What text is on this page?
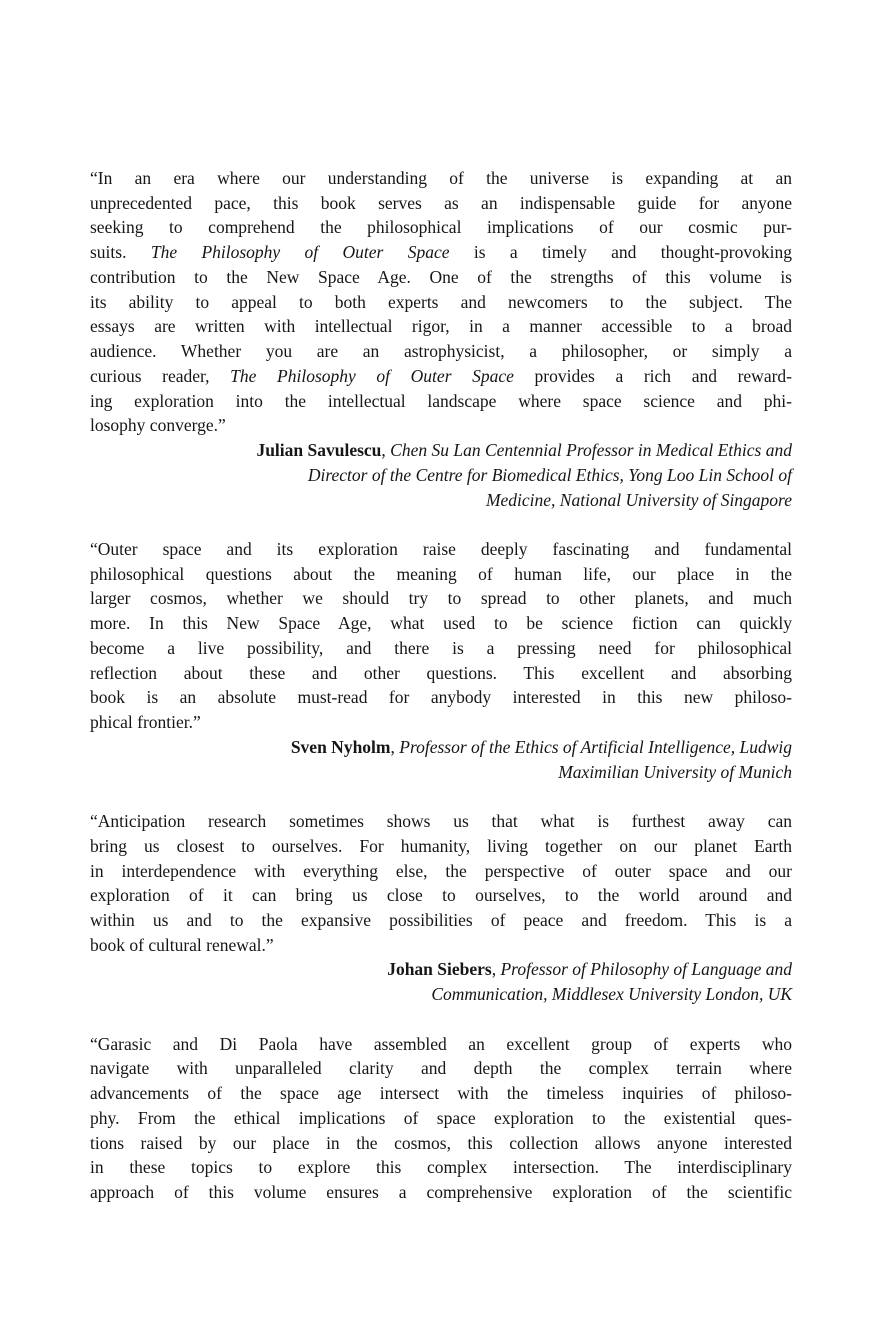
“In an era where our understanding of the universe is expanding at an
unprecedented pace, this book serves as an indispensable guide for anyone
seeking to comprehend the philosophical implications of our cosmic pur-
suits. The Philosophy of Outer Space is a timely and thought-provoking
contribution to the New Space Age. One of the strengths of this volume is
its ability to appeal to both experts and newcomers to the subject. The
essays are written with intellectual rigor, in a manner accessible to a broad
audience. Whether you are an astrophysicist, a philosopher, or simply a
curious reader, The Philosophy of Outer Space provides a rich and reward-
ing exploration into the intellectual landscape where space science and phi-
losophy converge.”
Julian Savulescu, Chen Su Lan Centennial Professor in Medical Ethics and
Director of the Centre for Biomedical Ethics, Yong Loo Lin School of
Medicine, National University of Singapore
“Outer space and its exploration raise deeply fascinating and fundamental
philosophical questions about the meaning of human life, our place in the
larger cosmos, whether we should try to spread to other planets, and much
more. In this New Space Age, what used to be science fiction can quickly
become a live possibility, and there is a pressing need for philosophical
reflection about these and other questions. This excellent and absorbing
book is an absolute must-read for anybody interested in this new philoso-
phical frontier.”
Sven Nyholm, Professor of the Ethics of Artificial Intelligence, Ludwig
Maximilian University of Munich
“Anticipation research sometimes shows us that what is furthest away can
bring us closest to ourselves. For humanity, living together on our planet Earth
in interdependence with everything else, the perspective of outer space and our
exploration of it can bring us close to ourselves, to the world around and
within us and to the expansive possibilities of peace and freedom. This is a
book of cultural renewal.”
Johan Siebers, Professor of Philosophy of Language and
Communication, Middlesex University London, UK
“Garasic and Di Paola have assembled an excellent group of experts who
navigate with unparalleled clarity and depth the complex terrain where
advancements of the space age intersect with the timeless inquiries of philoso-
phy. From the ethical implications of space exploration to the existential ques-
tions raised by our place in the cosmos, this collection allows anyone interested
in these topics to explore this complex intersection. The interdisciplinary
approach of this volume ensures a comprehensive exploration of the scientific
